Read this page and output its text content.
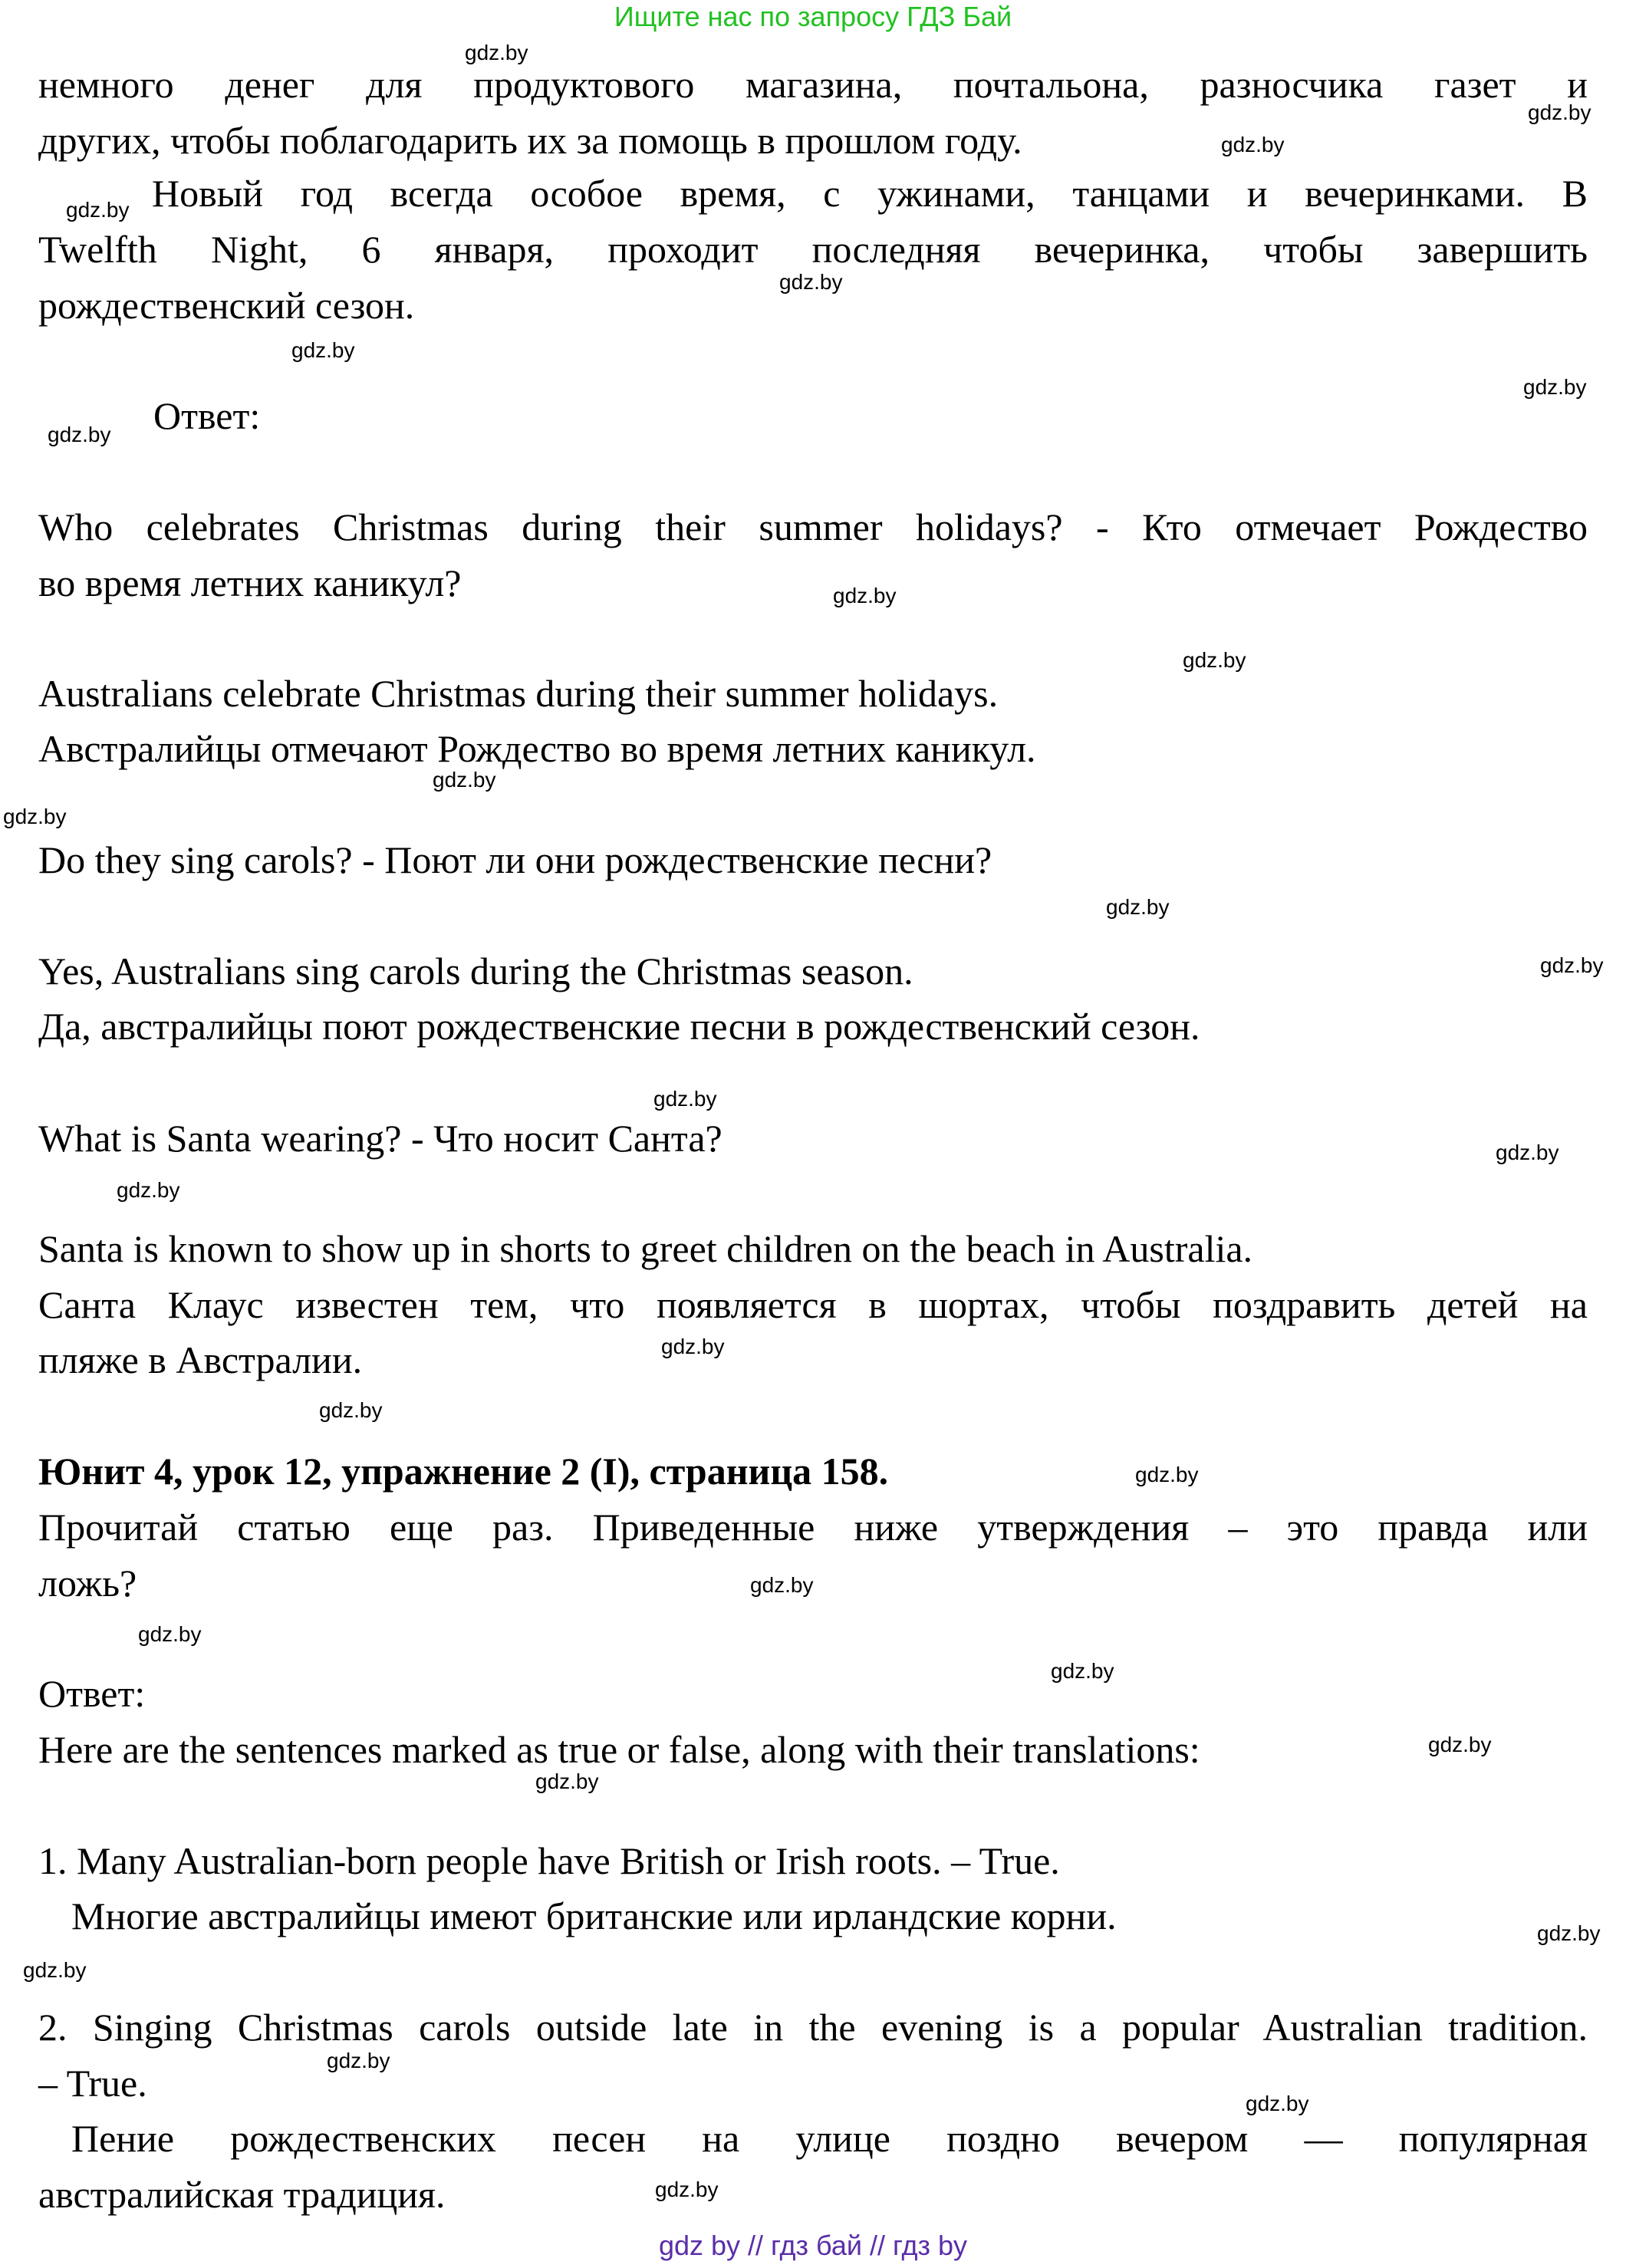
Ищите нас по запросу ГДЗ Бай
немного денег для продуктового магазина, почтальона, разносчика газет и
других, чтобы поблагодарить их за помощь в прошлом году.
Новый год всегда особое время, с ужинами, танцами и вечеринками. В
Twelfth Night, 6 января, проходит последняя вечеринка, чтобы завершить
рождественский сезон.
Ответ:
Who celebrates Christmas during their summer holidays? - Кто отмечает Рождество
во время летних каникул?
Australians celebrate Christmas during their summer holidays.
Австралийцы отмечают Рождество во время летних каникул.
Do they sing carols? - Поют ли они рождественские песни?
Yes, Australians sing carols during the Christmas season.
Да, австралийцы поют рождественские песни в рождественский сезон.
What is Santa wearing? - Что носит Санта?
Santa is known to show up in shorts to greet children on the beach in Australia.
Санта Клаус известен тем, что появляется в шортах, чтобы поздравить детей на
пляже в Австралии.
Юнит 4, урок 12, упражнение 2 (I), страница 158.
Прочитай статью еще раз. Приведенные ниже утверждения – это правда или
ложь?
Ответ:
Here are the sentences marked as true or false, along with their translations:
1. Many Australian-born people have British or Irish roots. – True.
Многие австралийцы имеют британские или ирландские корни.
2. Singing Christmas carols outside late in the evening is a popular Australian tradition.
– True.
Пение рождественских песен на улице поздно вечером — популярная
австралийская традиция.
gdz.by
gdz.by
gdz.by
gdz.by
gdz.by
gdz.by
gdz.by
gdz.by
gdz.by
gdz.by
gdz.by
gdz.by
gdz.by
gdz.by
gdz.by
gdz.by
gdz.by
gdz.by
gdz.by
gdz.by
gdz.by
gdz.by
gdz.by
gdz.by
gdz.by
gdz.by
gdz.by
gdz.by
gdz.by
gdz.by
gdz by // гдз бай // гдз by
